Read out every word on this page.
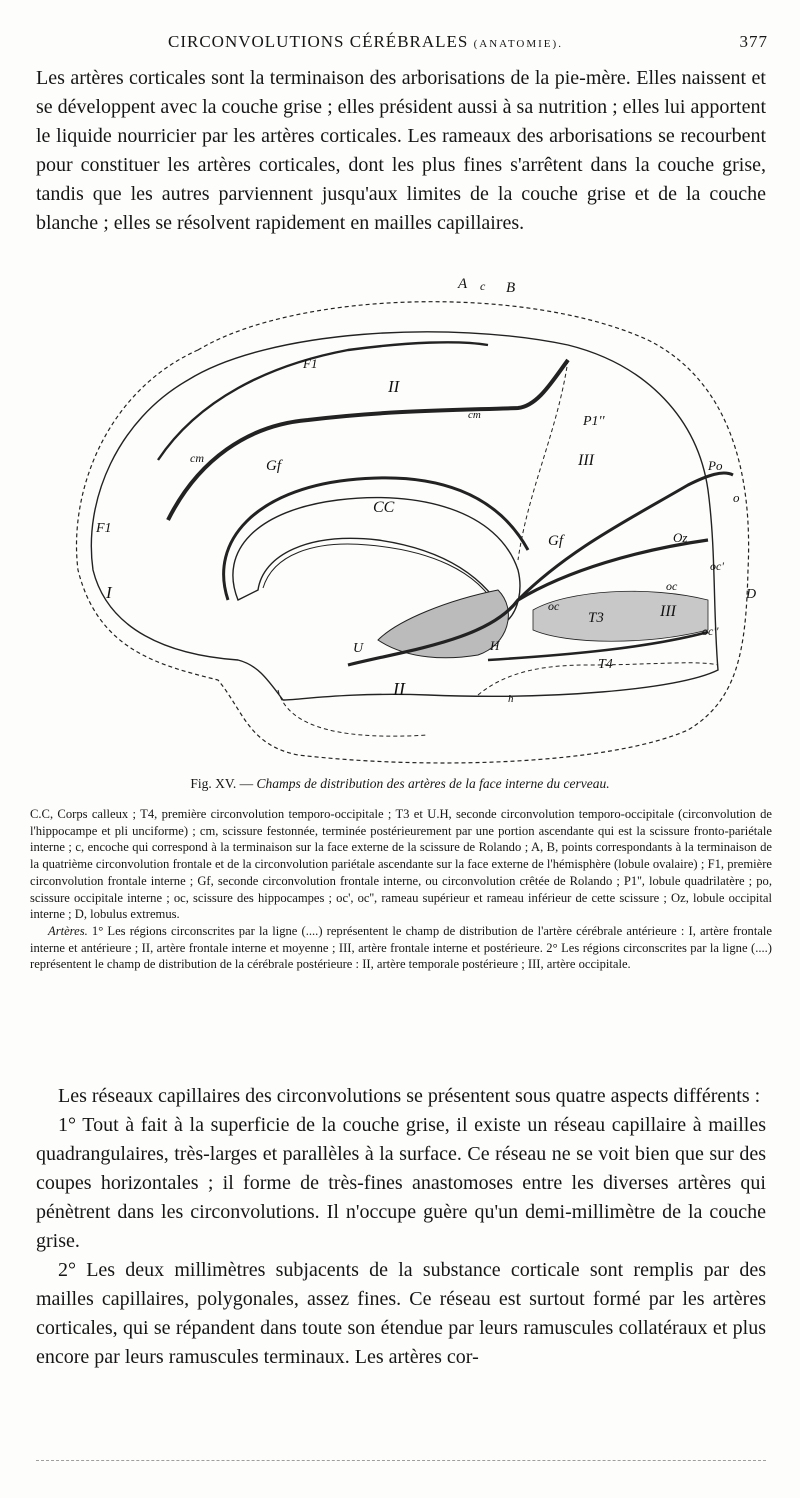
CIRCONVOLUTIONS CÉRÉBRALES (ANATOMIE).	377

Les artères corticales sont la terminaison des arborisations de la pie-mère. Elles naissent et se développent avec la couche grise ; elles président aussi à sa nutrition ; elles lui apportent le liquide nourricier par les artères corticales. Les rameaux des arborisations se recourbent pour constituer les artères corticales, dont les plus fines s'arrêtent dans la couche grise, tandis que les autres parviennent jusqu'aux limites de la couche grise et de la couche blanche ; elles se résolvent rapidement en mailles capillaires.

A c B
F1
II
cm	P1''
III	Po
o
cm	Gf
F1
I
CC
Gf	Oz
oc'
oc
D
oc
T3	III
oc''
U	H
T4
II	h
Fig. XV. — Champs de distribution des artères de la face interne du cerveau.

C.C, Corps calleux ; T4, première circonvolution temporo-occipitale ; T3 et U.H, seconde circonvolution temporo-occipitale (circonvolution de l'hippocampe et pli unciforme) ; cm, scissure festonnée, terminée postérieurement par une portion ascendante qui est la scissure fronto-pariétale interne ; c, encoche qui correspond à la terminaison sur la face externe de la scissure de Rolando ; A, B, points correspondants à la terminaison de la quatrième circonvolution frontale et de la circonvolution pariétale ascendante sur la face externe de l'hémisphère (lobule ovalaire) ; F1, première circonvolution frontale interne ; Gf, seconde circonvolution frontale interne, ou circonvolution crêtée de Rolando ; P1'', lobule quadrilatère ; po, scissure occipitale interne ; oc, scissure des hippocampes ; oc', oc'', rameau supérieur et rameau inférieur de cette scissure ; Oz, lobule occipital interne ; D, lobulus extremus.

Artères. 1° Les régions circonscrites par la ligne (....) représentent le champ de distribution de l'artère cérébrale antérieure : I, artère frontale interne et antérieure ; II, artère frontale interne et moyenne ; III, artère frontale interne et postérieure. 2° Les régions circonscrites par la ligne (....) représentent le champ de distribution de la cérébrale postérieure : II, artère temporale postérieure ; III, artère occipitale.

Les réseaux capillaires des circonvolutions se présentent sous quatre aspects différents :

1° Tout à fait à la superficie de la couche grise, il existe un réseau capillaire à mailles quadrangulaires, très-larges et parallèles à la surface. Ce réseau ne se voit bien que sur des coupes horizontales ; il forme de très-fines anastomoses entre les diverses artères qui pénètrent dans les circonvolutions. Il n'occupe guère qu'un demi-millimètre de la couche grise.

2° Les deux millimètres subjacents de la substance corticale sont remplis par des mailles capillaires, polygonales, assez fines. Ce réseau est surtout formé par les artères corticales, qui se répandent dans toute son étendue par leurs ramuscules collatéraux et plus encore par leurs ramuscules terminaux. Les artères cor-
